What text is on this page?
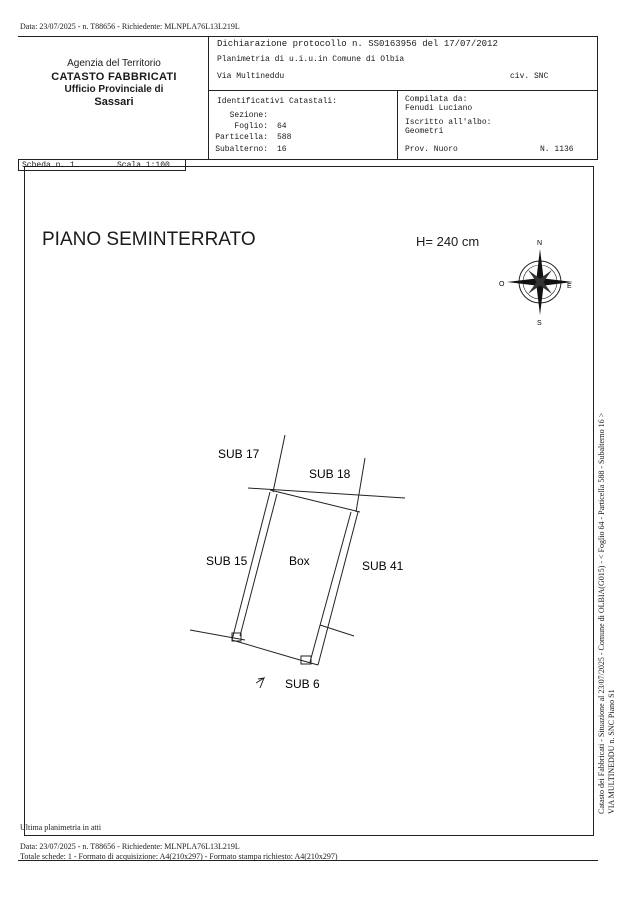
Data: 23/07/2025 - n. T88656 - Richiedente: MLNPLA76L13L219L
Agenzia del Territorio
CATASTO FABBRICATI
Ufficio Provinciale di
Sassari
Dichiarazione protocollo n. SS0163956 del 17/07/2012
Planimetria di u.i.u.in Comune di Olbia
Via Multineddu	civ. SNC
Identificativi Catastali:
Sezione:
Foglio: 64
Particella: 588
Subalterno: 16
Compilata da:
Fenudi Luciano
Iscritto all'albo:
Geometri
Prov. Nuoro	N. 1136
Scheda n. 1	Scala 1:100
PIANO SEMINTERRATO	H= 240 cm	N
E
S
O
SUB 17
SUB 18
SUB 15	Box	SUB 41
SUB 6	Catasto dei Fabbricati - Situazione al 23/07/2025 - Comune di OLBIA(G015) - < Foglio 64 - Particella 588 - Subalterno 16 > VIA MULTINEDDU n. SNC Piano S1
Ultima planimetria in atti
Data: 23/07/2025 - n. T88656 - Richiedente: MLNPLA76L13L219L
Totale schede: 1 - Formato di acquisizione: A4(210x297) - Formato stampa richiesto: A4(210x297)
